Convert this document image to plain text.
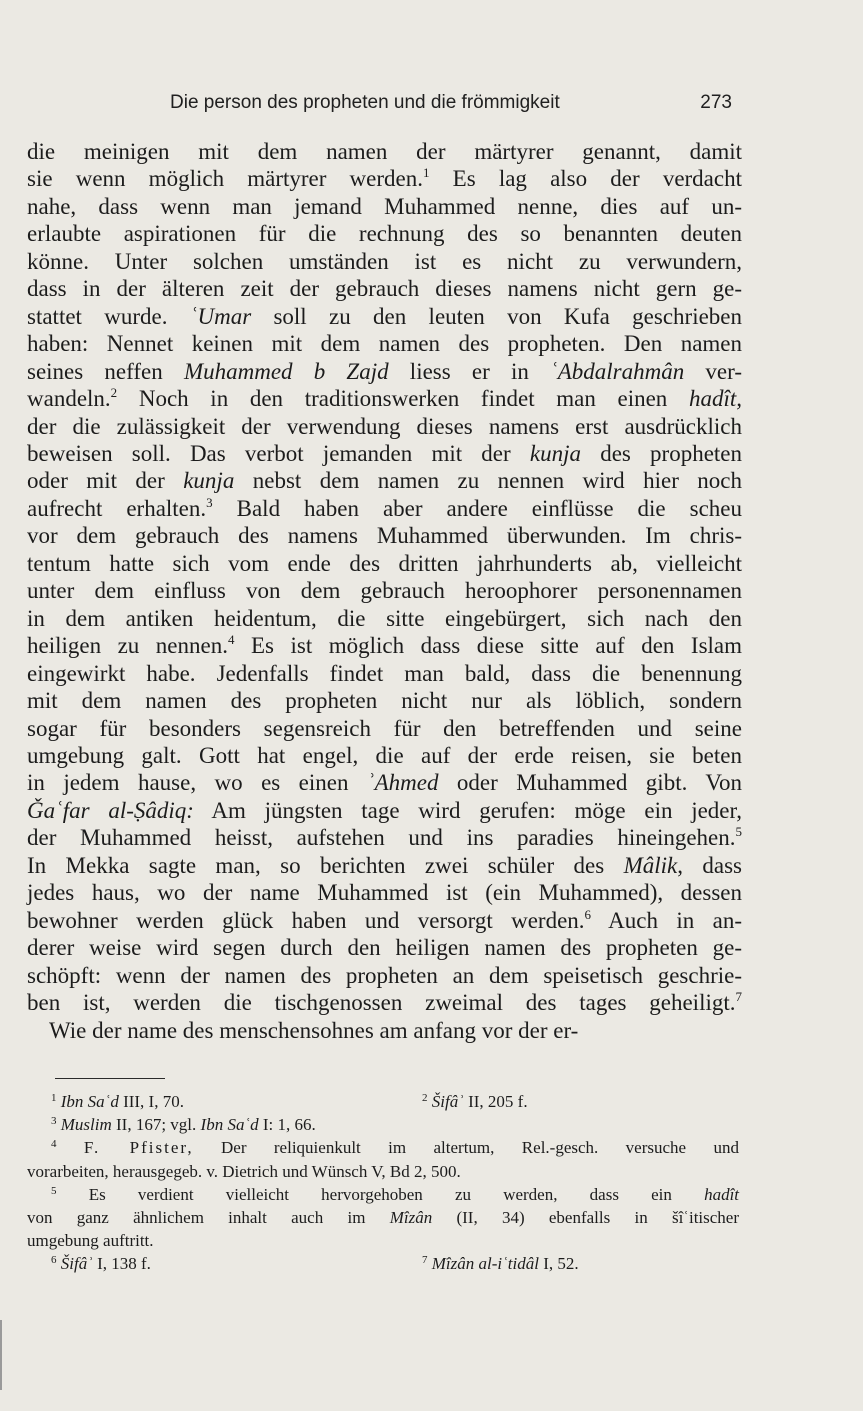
Die person des propheten und die frömmigkeit	273
die meinigen mit dem namen der märtyrer genannt, damit
sie wenn möglich märtyrer werden.$^1$ Es lag also der verdacht
nahe, dass wenn man jemand Muhammed nenne, dies auf un-
erlaubte aspirationen für die rechnung des so benannten deuten
könne. Unter solchen umständen ist es nicht zu verwundern,
dass in der älteren zeit der gebrauch dieses namens nicht gern ge-
stattet wurde. ʿUmar soll zu den leuten von Kufa geschrieben
haben: Nennet keinen mit dem namen des propheten. Den namen
seines neffen Muhammed b Zajd liess er in ʿAbdalrahmân ver-
wandeln.$^2$ Noch in den traditionswerken findet man einen hadît,
der die zulässigkeit der verwendung dieses namens erst ausdrücklich
beweisen soll. Das verbot jemanden mit der kunja des propheten
oder mit der kunja nebst dem namen zu nennen wird hier noch
aufrecht erhalten.$^3$ Bald haben aber andere einflüsse die scheu
vor dem gebrauch des namens Muhammed überwunden. Im chris-
tentum hatte sich vom ende des dritten jahrhunderts ab, vielleicht
unter dem einfluss von dem gebrauch heroophorer personennamen
in dem antiken heidentum, die sitte eingebürgert, sich nach den
heiligen zu nennen.$^4$ Es ist möglich dass diese sitte auf den Islam
eingewirkt habe. Jedenfalls findet man bald, dass die benennung
mit dem namen des propheten nicht nur als löblich, sondern
sogar für besonders segensreich für den betreffenden und seine
umgebung galt. Gott hat engel, die auf der erde reisen, sie beten
in jedem hause, wo es einen ʾAhmed oder Muhammed gibt. Von
Ǧaʿfar al-Ṣâdiq: Am jüngsten tage wird gerufen: möge ein jeder,
der Muhammed heisst, aufstehen und ins paradies hineingehen.$^5$
In Mekka sagte man, so berichten zwei schüler des Mâlik, dass
jedes haus, wo der name Muhammed ist (ein Muhammed), dessen
bewohner werden glück haben und versorgt werden.$^6$ Auch in an-
derer weise wird segen durch den heiligen namen des propheten ge-
schöpft: wenn der namen des propheten an dem speisetisch geschrie-
ben ist, werden die tischgenossen zweimal des tages geheiligt.$^7$
Wie der name des menschensohnes am anfang vor der er-
$^1$ Ibn Saʿd III, I, 70.	$^2$ Šifâʾ II, 205 f.
$^3$ Muslim II, 167; vgl. Ibn Saʿd I: 1, 66.
$^4$ F. Pfister, Der reliquienkult im altertum, Rel.-gesch. versuche und
vorarbeiten, herausgegeb. v. Dietrich und Wünsch V, Bd 2, 500.
$^5$ Es verdient vielleicht hervorgehoben zu werden, dass ein hadît
von ganz ähnlichem inhalt auch im Mîzân (II, 34) ebenfalls in šîʿitischer
umgebung auftritt.
$^6$ Šifâʾ I, 138 f.	$^7$ Mîzân al-iʿtidâl I, 52.
